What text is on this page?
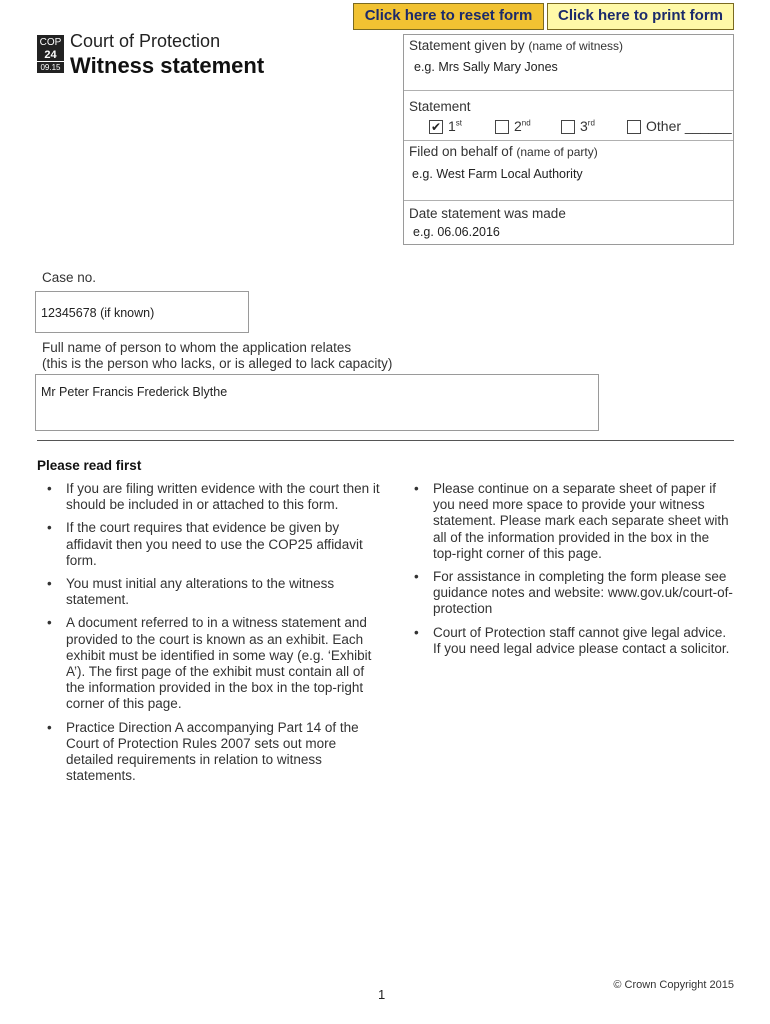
Click here to reset form	Click here to print form
COP
24
09.15
Court of Protection
Witness statement
Statement given by (name of witness)
e.g. Mrs Sally Mary Jones
Statement
✔ 1st	2nd	3rd	Other ______
Filed on behalf of (name of party)
e.g. West Farm Local Authority
Date statement was made
e.g. 06.06.2016
Case no.
12345678 (if known)
Full name of person to whom the application relates
(this is the person who lacks, or is alleged to lack capacity)
Mr Peter Francis Frederick Blythe
Please read first
• If you are filing written evidence with the court then it should be included in or attached to this form.
• If the court requires that evidence be given by affidavit then you need to use the COP25 affidavit form.
• You must initial any alterations to the witness statement.
• A document referred to in a witness statement and provided to the court is known as an exhibit. Each exhibit must be identified in some way (e.g. ‘Exhibit A’). The first page of the exhibit must contain all of the information provided in the box in the top-right corner of this page.
• Practice Direction A accompanying Part 14 of the Court of Protection Rules 2007 sets out more detailed requirements in relation to witness statements.
• Please continue on a separate sheet of paper if you need more space to provide your witness statement. Please mark each separate sheet with all of the information provided in the box in the top-right corner of this page.
• For assistance in completing the form please see guidance notes and website: www.gov.uk/court-of-protection
• Court of Protection staff cannot give legal advice. If you need legal advice please contact a solicitor.
© Crown Copyright 2015
1
